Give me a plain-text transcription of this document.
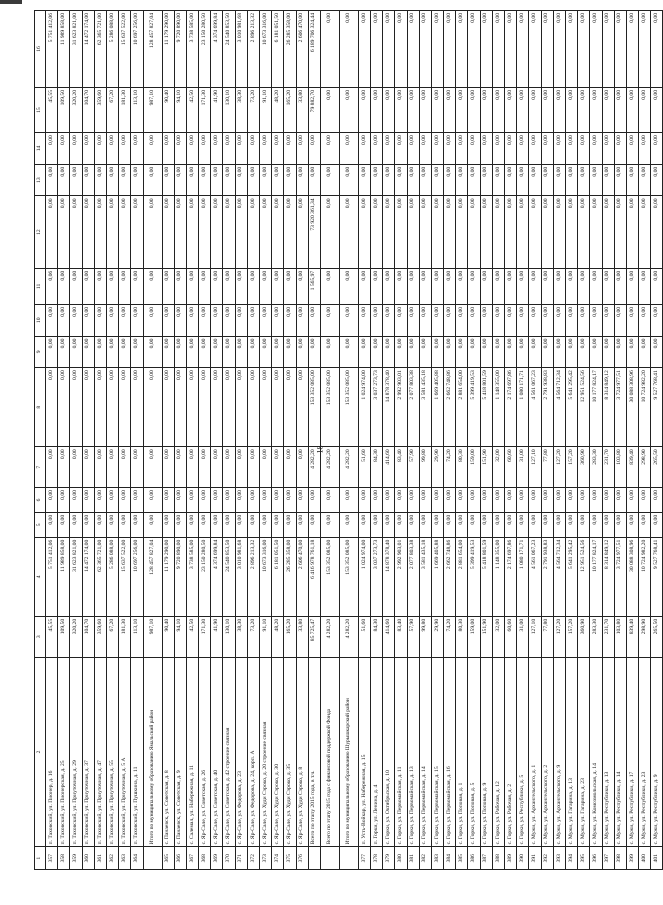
18
1	2	3	4	5	6	7	8	9	10	11	12	13	14	15	16
357	п. Таховский, ул. Пионер, д. 16	45,55	5 751 412,06	0,00	0,00	0,00	0,00	0,00	0,00	0,06	0,00	0,00	0,00	45,55	5 751 412,06
358	п. Таховский, ул. Пионерская, д. 25	109,50	11 989 858,00	0,00	0,00	0,00	0,00	0,00	0,00	0,00	0,00	0,00	0,00	109,50	11 989 858,00
359	п. Таховский, ул. Приуточная, д. 29	320,20	31 623 821,00	0,00	0,00	0,00	0,00	0,00	0,00	0,00	0,00	0,00	0,00	320,20	31 623 821,00
360	п. Таховский, ул. Приуточная, д. 37	104,70	14 472 174,00	0,00	0,00	0,00	0,00	0,00	0,00	0,00	0,00	0,00	0,00	104,70	14 472 174,00
361	п. Таховский, ул. Приуточная, д. 47	359,60	62 365 721,00	0,00	0,00	0,00	0,00	0,00	0,00	0,00	0,00	0,00	0,00	359,60	62 365 721,00
362	п. Таховский, ул. Приуточная, д. 55	67,20	5 286 088,00	0,00	0,00	0,00	0,00	0,00	0,00	0,00	0,00	0,00	0,00	67,20	5 286 088,00
363	п. Таховский, ул. Приуточная, д. 5 А	181,30	15 637 522,00	0,00	0,00	0,00	0,00	0,00	0,00	0,00	0,00	0,00	0,00	181,30	15 637 522,00
364	п. Таховский, ул. Пушкина, д. 11	113,10	10 697 256,00	0,00	0,00	0,00	0,00	0,00	0,00	0,00	0,00	0,00	0,00	113,10	10 697 256,00
	Итого по муниципальному образованию Ямальский район	987,10	128 457 827,04	0,00	0,00	0,00	0,00	0,00	0,00	0,00	0,00	0,00	0,00	987,10	128 457 827,04
365	с. Панаевск, ул. Советская, д. 8	90,40	11 179 290,00	0,00	0,00	0,00	0,00	0,00	0,00	0,00	0,00	0,00	0,00	90,40	11 179 290,00
366	с. Панаевск, ул. Советская, д. 9	94,10	9 720 890,00	0,00	0,00	0,00	0,00	0,00	0,00	0,00	0,00	0,00	0,00	94,10	9 720 890,00
367	с. Салемал, ул. Набережная, д. 11	42,50	3 738 585,00	0,00	0,00	0,00	0,00	0,00	0,00	0,00	0,00	0,00	0,00	42,50	3 738 585,00
368	с. Яр-Сале, ул. Советская, д. 26	171,30	23 150 280,50	0,00	0,00	0,00	0,00	0,00	0,00	0,00	0,00	0,00	0,00	171,30	23 150 280,50
369	с. Яр-Сале, ул. Советская, д. 40	41,90	4 374 699,84	0,00	0,00	0,00	0,00	0,00	0,00	0,00	0,00	0,00	0,00	41,90	4 374 699,84
370	с. Яр-Сале, ул. Советская, д. 42 строение связная	130,10	24 540 853,50	0,00	0,00	0,00	0,00	0,00	0,00	0,00	0,00	0,00	0,00	130,10	24 540 853,50
371	с. Яр-Сале, ул. Федорова, д. 23	38,30	3 010 981,68	0,00	0,00	0,00	0,00	0,00	0,00	0,00	0,00	0,00	0,00	38,30	3 010 981,68
372	с. Яр-Сале, ул. Федорова, д. 24, корп. А	73,20	2 896 213,32	0,00	0,00	0,00	0,00	0,00	0,00	0,00	0,00	0,00	0,00	73,20	2 896 213,32
373	с. Яр-Сале, ул. Худи Сэроко, д. 20 строение связная	91,10	10 673 316,00	0,00	0,00	0,00	0,00	0,00	0,00	0,00	0,00	0,00	0,00	91,10	10 673 316,00
374	с. Яр-Сале, ул. Худи Сэроко, д. 30	48,20	6 181 051,50	0,00	0,00	0,00	0,00	0,00	0,00	0,00	0,00	0,00	0,00	48,20	6 181 051,50
375	с. Яр-Сале, ул. Худи Сэроко, д. 35	165,20	26 285 358,00	0,00	0,00	0,00	0,00	0,00	0,00	0,00	0,00	0,00	0,00	165,20	26 285 358,00
376	с. Яр-Сале, ул. Худи Сэроко, д. 8	33,80	2 606 470,00	0,00	0,00	0,00	0,00	0,00	0,00	0,00	0,00	0,00	0,00	33,80	2 606 470,00
	Всего по этапу 2015 года, в т.ч.	85 725,47	6 416 978 761,18	0,00	0,00	4 282,20	153 352 085,00	0,00	0,00	1 565,97	73 920 361,34	0,00	0,00	79 882,70	6 189 706 324,44
	Всего по этапу 2015 года с финансовой поддержкой Фонда	4 282,20	153 352 085,00	0,00	0,00	4 282,20	153 352 085,00	0,00	0,00	0,00	0,00	0,00	0,00	0,00	0,00
	Итого по муниципальному образованию Шурышкарский район	4 282,20	153 352 085,00	0,00	0,00	4 282,20	153 352 085,00	0,00	0,00	0,00	0,00	0,00	0,00	0,00	0,00
377	п. Усть-Войкар, ул. Набережная, д. 15	51,60	1 024 974,00	0,00	0,00	51,60	1 024 974,00	0,00	0,00	0,00	0,00	0,00	0,00	0,00	0,00
378	п. Горки, ул. Ленина, д. 4	84,30	3 037 273,73	0,00	0,00	84,30	3 037 273,73	0,00	0,00	0,00	0,00	0,00	0,00	0,00	0,00
379	с. Горки, ул. Октябрьская, д. 10	414,60	14 878 378,40	0,00	0,00	414,60	14 878 378,40	0,00	0,00	0,00	0,00	0,00	0,00	0,00	0,00
380	с. Горки, ул. Первомайская, д. 11	83,40	2 992 903,01	0,00	0,00	83,40	2 992 903,01	0,00	0,00	0,00	0,00	0,00	0,00	0,00	0,00
381	с. Горки, ул. Первомайская, д. 13	57,90	2 077 803,38	0,00	0,00	57,90	2 077 803,38	0,00	0,00	0,00	0,00	0,00	0,00	0,00	0,00
382	с. Горки, ул. Первомайская, д. 14	99,80	3 581 435,18	0,00	0,00	99,80	3 581 435,18	0,00	0,00	0,00	0,00	0,00	0,00	0,00	0,00
383	с. Горки, ул. Первомайская, д. 15	29,90	1 669 405,88	0,00	0,00	29,90	1 669 405,88	0,00	0,00	0,00	0,00	0,00	0,00	0,00	0,00
384	с. Горки, ул. Первомайская, д. 16	74,20	2 662 748,86	0,00	0,00	74,20	2 662 748,86	0,00	0,00	0,00	0,00	0,00	0,00	0,00	0,00
385	с. Горки, ул. Поповая, д. 1	80,30	2 881 654,00	0,00	0,00	80,30	2 881 654,00	0,00	0,00	0,00	0,00	0,00	0,00	0,00	0,00
386	с. Горки, ул. Поповая, д. 5	159,00	5 399 419,53	0,00	0,00	159,00	5 399 419,53	0,00	0,00	0,00	0,00	0,00	0,00	0,00	0,00
387	с. Горки, ул. Поповая, д. 9	151,90	5 418 801,59	0,00	0,00	151,90	5 418 801,59	0,00	0,00	0,00	0,00	0,00	0,00	0,00	0,00
388	с. Горки, ул. Рабочая, д. 12	32,00	1 148 355,00	0,00	0,00	32,00	1 148 355,00	0,00	0,00	0,00	0,00	0,00	0,00	0,00	0,00
389	с. Горки, ул. Рабочая, д. 2	60,60	2 174 697,86	0,00	0,00	60,60	2 174 697,86	0,00	0,00	0,00	0,00	0,00	0,00	0,00	0,00
390	с. Горки, ул. Республики, д. 5	31,00	1 080 171,71	0,00	0,00	31,00	1 080 171,71	0,00	0,00	0,00	0,00	0,00	0,00	0,00	0,00
391	с. Мужи, ул. Архангельского, д. 1	127,10	4 561 067,23	0,00	0,00	127,10	4 561 067,23	0,00	0,00	0,00	0,00	0,00	0,00	0,00	0,00
392	с. Мужи, ул. Архангельского, д. 2	77,80	2 791 938,83	0,00	0,00	77,80	2 791 938,83	0,00	0,00	0,00	0,00	0,00	0,00	0,00	0,00
393	с. Мужи, ул. Архангельского, д. 9	127,20	4 564 712,34	0,00	0,00	127,20	4 564 712,34	0,00	0,00	0,00	0,00	0,00	0,00	0,00	0,00
394	с. Мужи, ул. Гагарина, д. 13	157,20	5 641 295,42	0,00	0,00	157,20	5 641 295,42	0,00	0,00	0,00	0,00	0,00	0,00	0,00	0,00
395	с. Мужи, ул. Гагарина, д. 23	360,90	12 951 524,56	0,00	0,00	360,90	12 951 524,56	0,00	0,00	0,00	0,00	0,00	0,00	0,00	0,00
396	с. Мужи, ул. Комсомольская, д. 14	283,30	10 177 824,17	0,00	0,00	283,30	10 177 824,17	0,00	0,00	0,00	0,00	0,00	0,00	0,00	0,00
397	с. Мужи, ул. Республики, д. 13	231,70	8 314 849,12	0,00	0,00	231,70	8 314 849,12	0,00	0,00	0,00	0,00	0,00	0,00	0,00	0,00
398	с. Мужи, ул. Республики, д. 14	103,80	3 724 977,51	0,00	0,00	103,80	3 724 977,51	0,00	0,00	0,00	0,00	0,00	0,00	0,00	0,00
399	с. Мужи, ул. Республики, д. 17	839,40	30 088 308,96	0,00	0,00	839,40	30 088 308,96	0,00	0,00	0,00	0,00	0,00	0,00	0,00	0,00
400	с. Мужи, ул. Республики, д. 23	298,90	10 724 982,20	0,00	0,00	298,90	10 724 982,20	0,00	0,00	0,00	0,00	0,00	0,00	0,00	0,00
401	с. Мужи, ул. Республики, д. 9	265,50	9 527 768,41	0,00	0,00	265,50	9 527 768,41	0,00	0,00	0,00	0,00	0,00	0,00	0,00	0,00
